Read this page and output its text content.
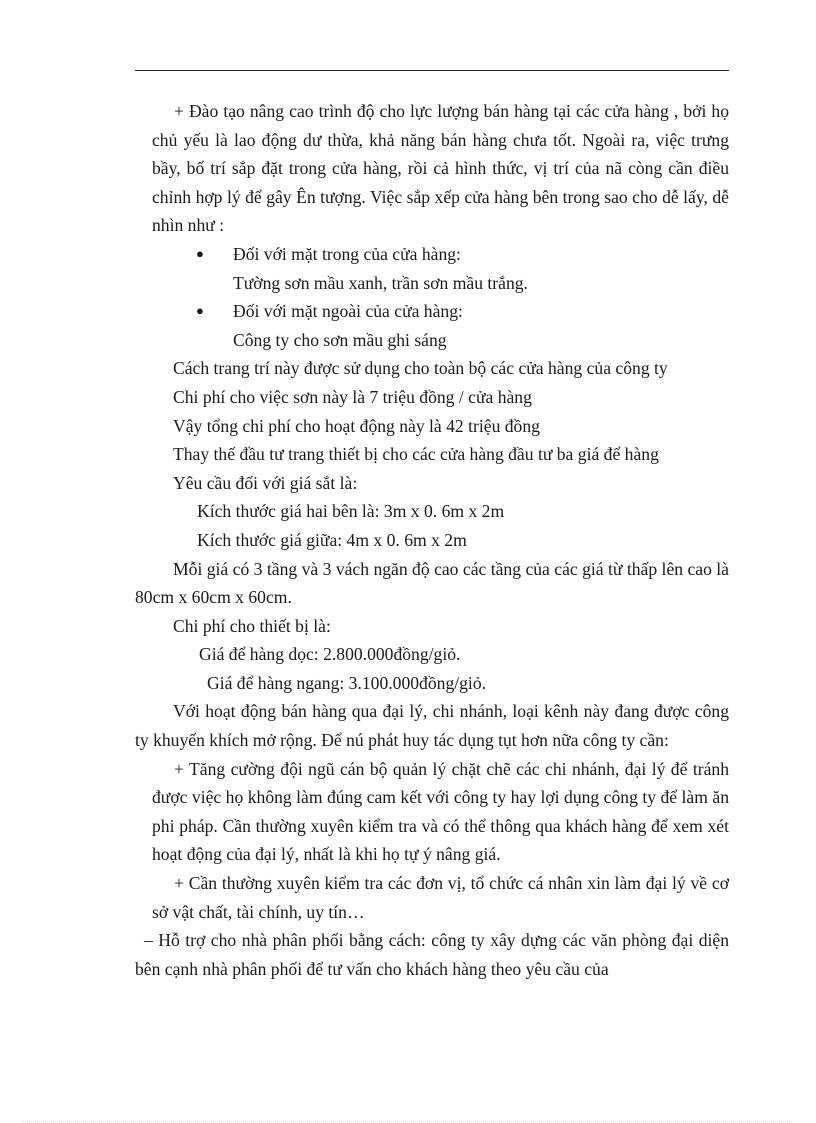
+ Đào tạo nâng cao trình độ cho lực lượng bán hàng tại các cửa hàng , bởi họ chủ yếu là lao động dư thừa, khả năng bán hàng chưa tốt. Ngoài ra, việc trưng bầy, bố trí sắp đặt trong cửa hàng, rồi cả hình thức, vị trí của nã còng cần điều chỉnh hợp lý để gây Ên tượng. Việc sắp xếp cửa hàng bên trong sao cho dễ lấy, dễ nhìn như :

●	Đối với mặt trong của cửa hàng:

Tường sơn mầu xanh, trần sơn mầu trắng.

●	Đối với mặt ngoài của cửa hàng:

Công ty cho sơn mầu ghi sáng

Cách trang trí này được sử dụng cho toàn bộ các cửa hàng của công ty

Chi phí cho việc sơn này là 7 triệu đồng / cửa hàng

Vậy tổng chi phí cho hoạt động này là 42 triệu đồng

Thay thế đầu tư trang thiết bị cho các cửa hàng đầu tư ba giá để hàng

Yêu cầu đối với giá sắt là:

Kích thước giá hai bên là: 3m x 0. 6m x 2m

Kích thước giá giữa: 4m x 0. 6m x 2m

Mỗi giá có 3 tầng và 3 vách ngăn độ cao các tầng của các giá từ thấp lên cao là 80cm x 60cm x 60cm.

Chi phí cho thiết bị là:

Giá để hàng dọc: 2.800.000đồng/giỏ.

Giá để hàng ngang: 3.100.000đồng/giỏ.

Với hoạt động bán hàng qua đại lý, chi nhánh, loại kênh này đang được công ty khuyến khích mở rộng. Để nú phát huy tác dụng tụt hơn nữa công ty cần:

+ Tăng cường đội ngũ cán bộ quản lý chặt chẽ các chi nhánh, đại lý để tránh được việc họ không làm đúng cam kết với công ty hay lợi dụng công ty để làm ăn phi pháp. Cần thường xuyên kiểm tra và có thể thông qua khách hàng để xem xét hoạt động của đại lý, nhất là khi họ tự ý nâng giá.

+ Cần thường xuyên kiểm tra các đơn vị, tổ chức cá nhân xin làm đại lý về cơ sở vật chất, tài chính, uy tín…

– Hỗ trợ cho nhà phân phối bằng cách: công ty xây dựng các văn phòng đại diện bên cạnh nhà phân phối để tư vấn cho khách hàng theo yêu cầu của
